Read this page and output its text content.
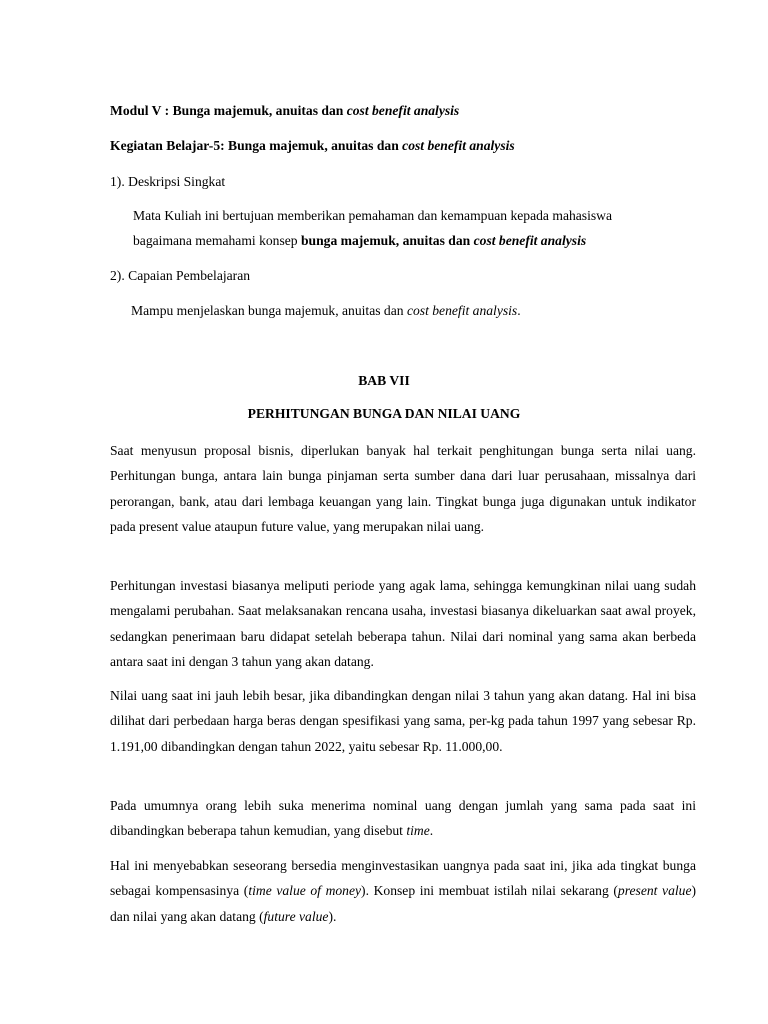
Modul V : Bunga majemuk, anuitas dan cost benefit analysis
Kegiatan Belajar-5: Bunga majemuk, anuitas dan cost benefit analysis
1). Deskripsi Singkat
Mata Kuliah ini bertujuan memberikan pemahaman dan kemampuan kepada mahasiswa
bagaimana memahami konsep bunga majemuk, anuitas dan cost benefit analysis
2). Capaian Pembelajaran
Mampu menjelaskan bunga majemuk, anuitas dan cost benefit analysis.
BAB VII
PERHITUNGAN BUNGA DAN NILAI UANG

Saat menyusun proposal bisnis, diperlukan banyak hal terkait penghitungan bunga serta nilai uang. Perhitungan bunga, antara lain bunga pinjaman serta sumber dana dari luar perusahaan, missalnya dari perorangan, bank, atau dari lembaga keuangan yang lain. Tingkat bunga juga digunakan untuk indikator pada present value ataupun future value, yang merupakan nilai uang.

Perhitungan investasi biasanya meliputi periode yang agak lama, sehingga kemungkinan nilai uang sudah mengalami perubahan. Saat melaksanakan rencana usaha, investasi biasanya dikeluarkan saat awal proyek, sedangkan penerimaan baru didapat setelah beberapa tahun. Nilai dari nominal yang sama akan berbeda antara saat ini dengan 3 tahun yang akan datang.

Nilai uang saat ini jauh lebih besar, jika dibandingkan dengan nilai 3 tahun yang akan datang. Hal ini bisa dilihat dari perbedaan harga beras dengan spesifikasi yang sama, per-kg pada tahun 1997 yang sebesar Rp. 1.191,00 dibandingkan dengan tahun 2022, yaitu sebesar Rp. 11.000,00.

Pada umumnya orang lebih suka menerima nominal uang dengan jumlah yang sama pada saat ini dibandingkan beberapa tahun kemudian, yang disebut time.

Hal ini menyebabkan seseorang bersedia menginvestasikan uangnya pada saat ini, jika ada tingkat bunga sebagai kompensasinya (time value of money). Konsep ini membuat istilah nilai sekarang (present value) dan nilai yang akan datang (future value).
